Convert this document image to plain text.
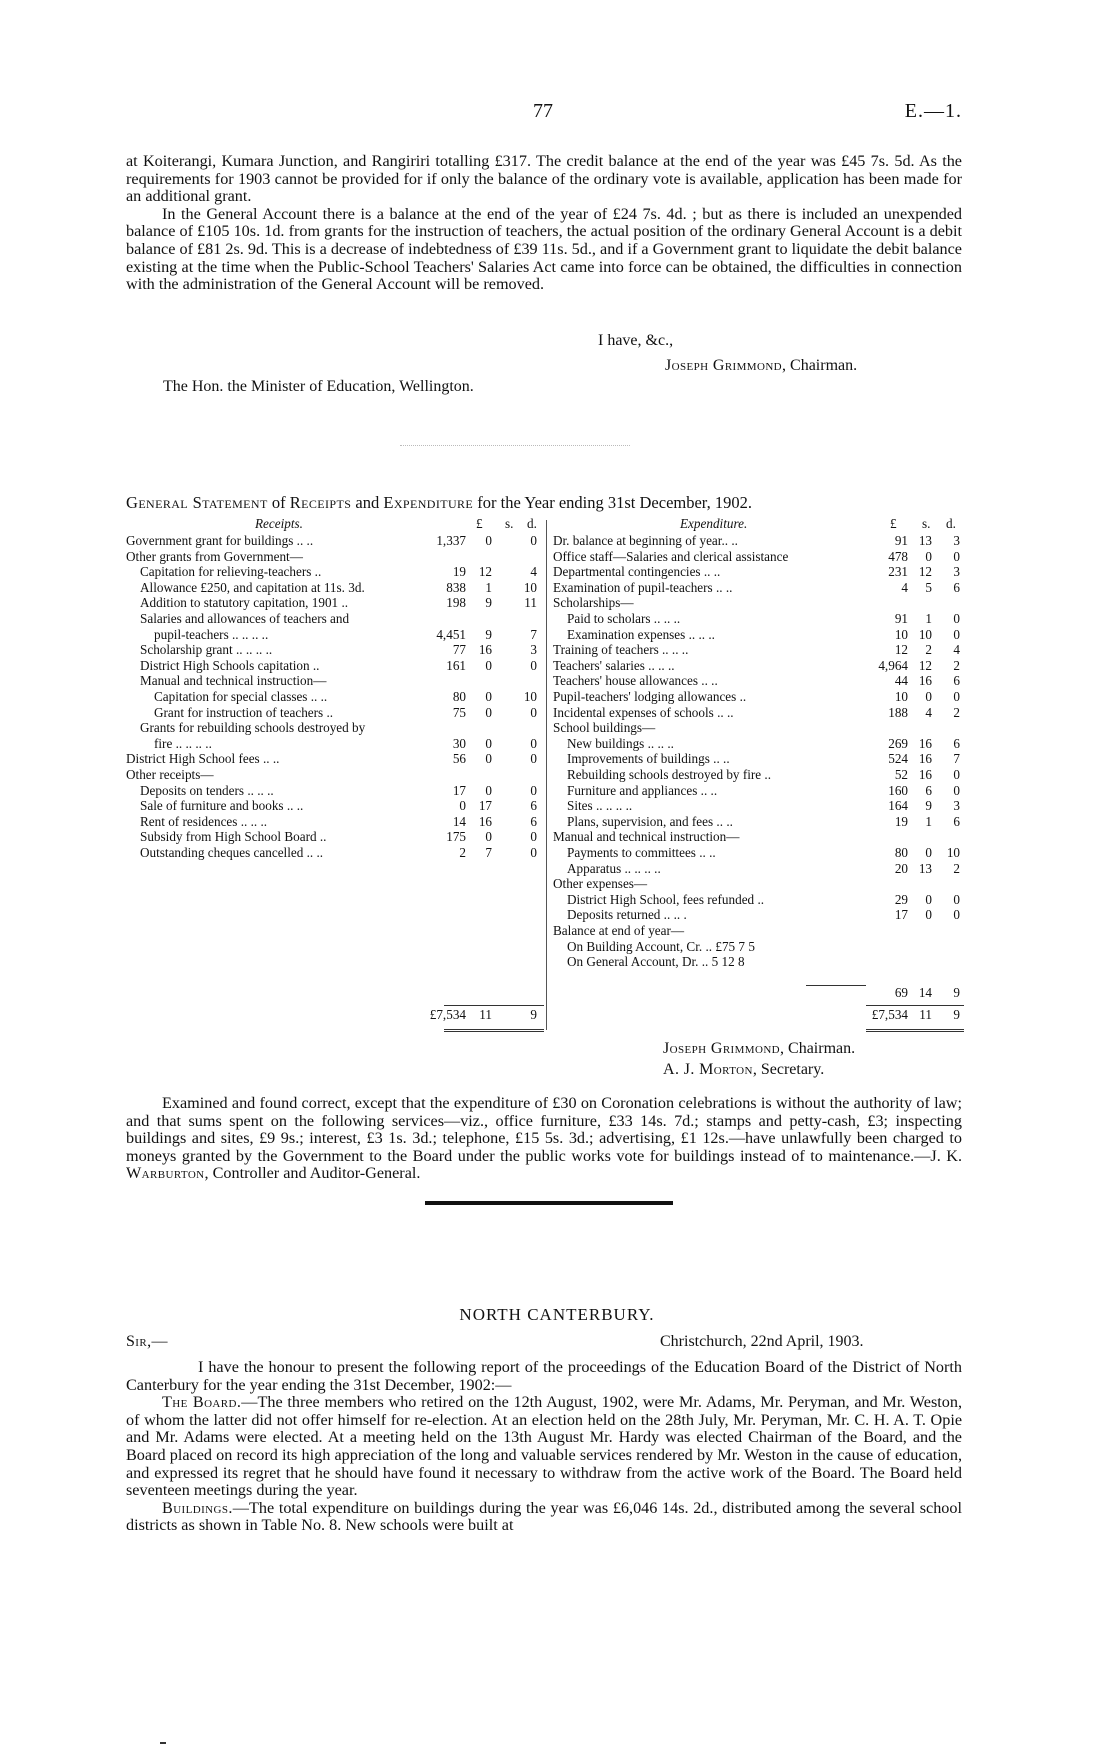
77	E.—1.

at Koiterangi, Kumara Junction, and Rangiriri totalling £317. The credit balance at the end of the year was £45 7s. 5d. As the requirements for 1903 cannot be provided for if only the balance of the ordinary vote is available, application has been made for an additional grant.

In the General Account there is a balance at the end of the year of £24 7s. 4d. ; but as there is included an unexpended balance of £105 10s. 1d. from grants for the instruction of teachers, the actual position of the ordinary General Account is a debit balance of £81 2s. 9d. This is a decrease of indebtedness of £39 11s. 5d., and if a Government grant to liquidate the debit balance existing at the time when the Public-School Teachers' Salaries Act came into force can be obtained, the difficulties in connection with the administration of the General Account will be removed.

I have, &c.,
Joseph Grimmond, Chairman.
The Hon. the Minister of Education, Wellington.
General Statement of Receipts and Expenditure for the Year ending 31st December, 1902.
Receipts.	Expenditure.
£ s. d.	£ s. d.
Government grant for buildings .. ..	1,337	0	0
Other grants from Government—
Capitation for relieving-teachers ..	19 12	4
Allowance £250, and capitation at 11s. 3d.	838	1	10
Addition to statutory capitation, 1901 ..	198	9	11
Salaries and allowances of teachers and
pupil-teachers .. .. .. ..	4,451	9	7
Scholarship grant .. .. .. ..	77 16	3
District High Schools capitation ..	161	0	0
Manual and technical instruction—
Capitation for special classes .. ..	80	0	10
Grant for instruction of teachers ..	75	0	0
Grants for rebuilding schools destroyed by
fire .. .. .. ..	30	0	0
District High School fees .. ..	56	0	0
Other receipts—
Deposits on tenders .. .. ..	17	0	0
Sale of furniture and books .. ..	0 17	6
Rent of residences .. .. ..	14 16	6
Subsidy from High School Board ..	175	0	0
Outstanding cheques cancelled .. ..	2	7	0
Dr. balance at beginning of year.. ..	91 13	3
Office staff—Salaries and clerical assistance	478	0	0
Departmental contingencies .. ..	231 12	3
Examination of pupil-teachers .. ..	4	5	6
Scholarships—
Paid to scholars .. .. ..	91	1	0
Examination expenses .. .. ..	10 10	0
Training of teachers .. .. ..	12	2	4
Teachers' salaries .. .. ..	4,964 12	2
Teachers' house allowances .. ..	44 16	6
Pupil-teachers' lodging allowances ..	10	0	0
Incidental expenses of schools .. ..	188	4	2
School buildings—
New buildings .. .. ..	269 16	6
Improvements of buildings .. ..	524 16	7
Rebuilding schools destroyed by fire ..	52 16	0
Furniture and appliances .. ..	160	6	0
Sites .. .. .. ..	164	9	3
Plans, supervision, and fees .. ..	19	1	6
Manual and technical instruction—
Payments to committees .. ..	80	0	10
Apparatus .. .. .. ..	20 13	2
Other expenses—
District High School, fees refunded ..	29	0	0
Deposits returned .. .. .	17	0	0
Balance at end of year—
On Building Account, Cr. .. £75 7 5
On General Account, Dr. .. 5 12 8
69 14	9
£7,534	11	9	£7,534 11	9
Joseph Grimmond, Chairman.
A. J. Morton, Secretary.

Examined and found correct, except that the expenditure of £30 on Coronation celebrations is without the authority of law; and that sums spent on the following services—viz., office furniture, £33 14s. 7d.; stamps and petty-cash, £3; inspecting buildings and sites, £9 9s.; interest, £3 1s. 3d.; telephone, £15 5s. 3d.; advertising, £1 12s.—have unlawfully been charged to moneys granted by the Government to the Board under the public works vote for buildings instead of to maintenance.—J. K. Warburton, Controller and Auditor-General.

NORTH CANTERBURY.
Sir,—	Christchurch, 22nd April, 1903.

I have the honour to present the following report of the proceedings of the Education Board of the District of North Canterbury for the year ending the 31st December, 1902:—

The Board.—The three members who retired on the 12th August, 1902, were Mr. Adams, Mr. Peryman, and Mr. Weston, of whom the latter did not offer himself for re-election. At an election held on the 28th July, Mr. Peryman, Mr. C. H. A. T. Opie and Mr. Adams were elected. At a meeting held on the 13th August Mr. Hardy was elected Chairman of the Board, and the Board placed on record its high appreciation of the long and valuable services rendered by Mr. Weston in the cause of education, and expressed its regret that he should have found it necessary to withdraw from the active work of the Board. The Board held seventeen meetings during the year.

Buildings.—The total expenditure on buildings during the year was £6,046 14s. 2d., distributed among the several school districts as shown in Table No. 8. New schools were built at
